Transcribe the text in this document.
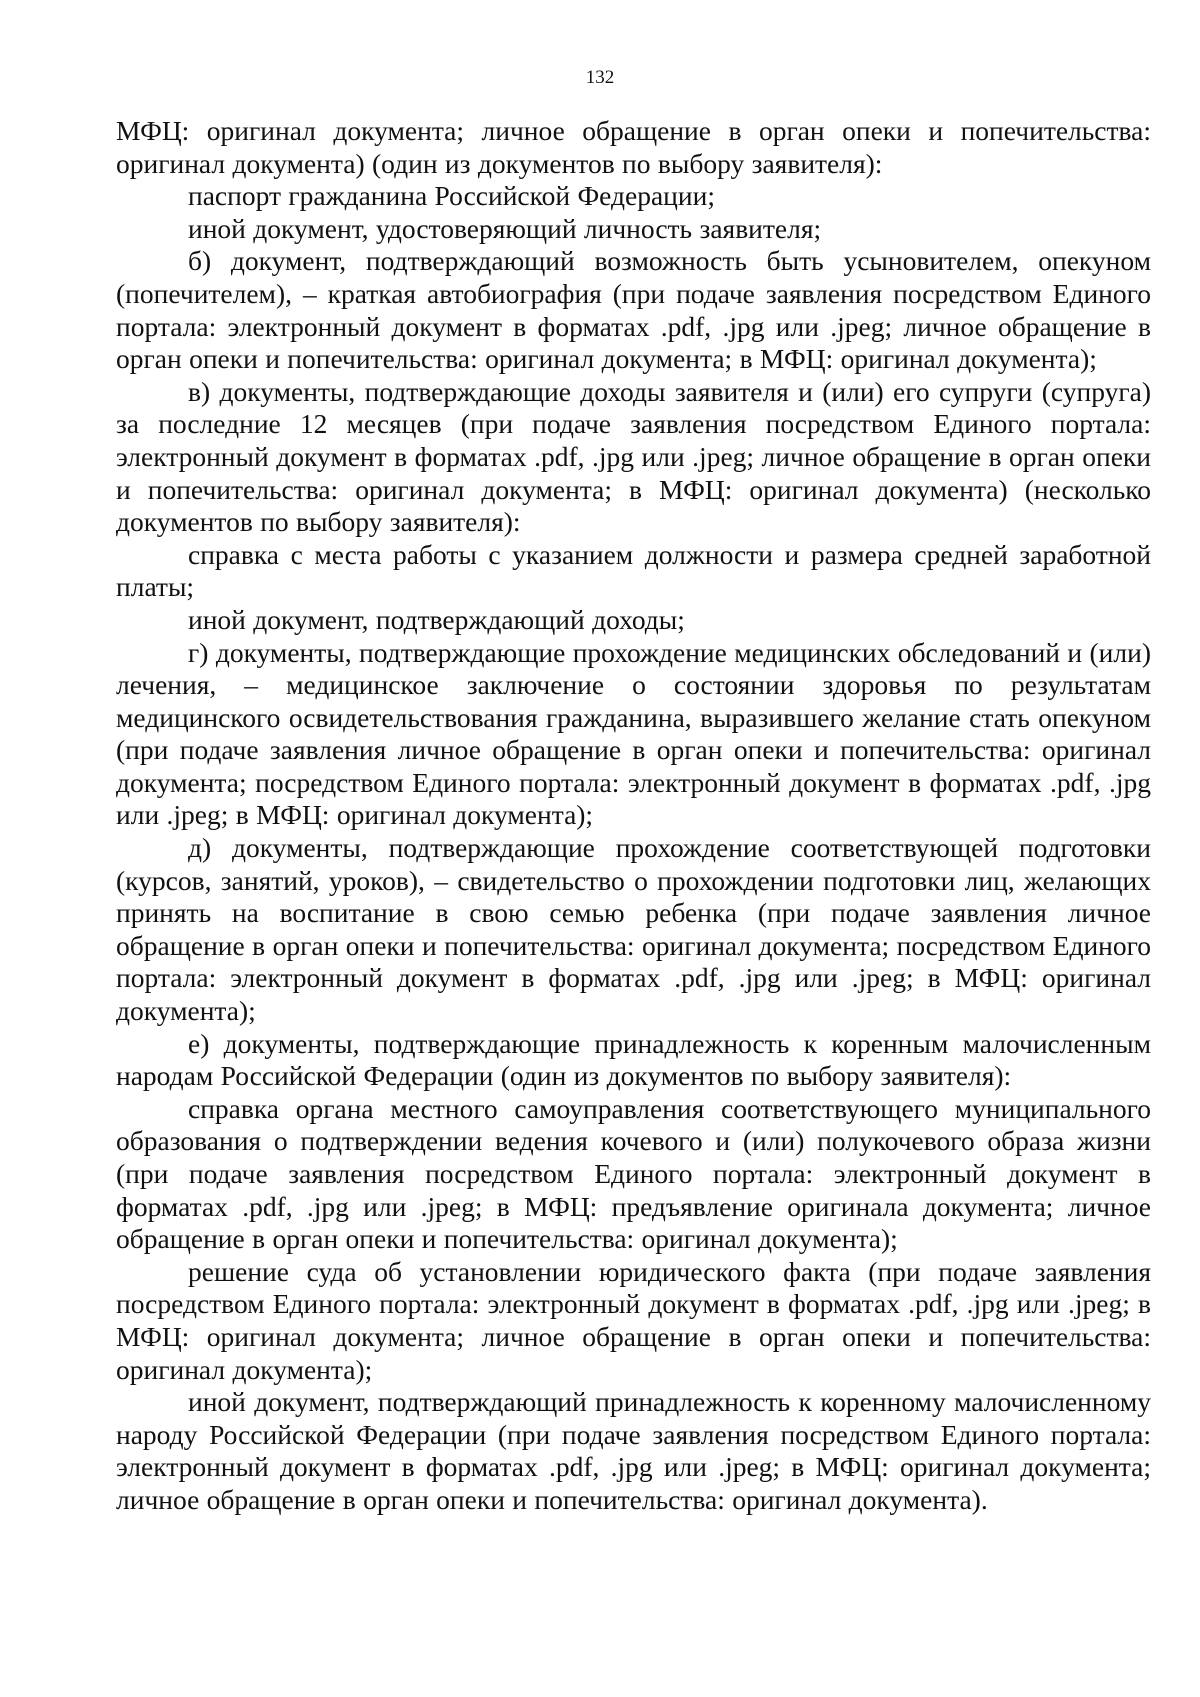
132

МФЦ: оригинал документа; личное обращение в орган опеки и попечительства: оригинал документа) (один из документов по выбору заявителя):

паспорт гражданина Российской Федерации;

иной документ, удостоверяющий личность заявителя;

б) документ, подтверждающий возможность быть усыновителем, опекуном (попечителем), – краткая автобиография (при подаче заявления посредством Единого портала: электронный документ в форматах .pdf, .jpg или .jpeg; личное обращение в орган опеки и попечительства: оригинал документа; в МФЦ: оригинал документа);

в) документы, подтверждающие доходы заявителя и (или) его супруги (супруга) за последние 12 месяцев (при подаче заявления посредством Единого портала: электронный документ в форматах .pdf, .jpg или .jpeg; личное обращение в орган опеки и попечительства: оригинал документа; в МФЦ: оригинал документа) (несколько документов по выбору заявителя):

справка с места работы с указанием должности и размера средней заработной платы;

иной документ, подтверждающий доходы;

г) документы, подтверждающие прохождение медицинских обследований и (или) лечения, – медицинское заключение о состоянии здоровья по результатам медицинского освидетельствования гражданина, выразившего желание стать опекуном (при подаче заявления личное обращение в орган опеки и попечительства: оригинал документа; посредством Единого портала: электронный документ в форматах .pdf, .jpg или .jpeg; в МФЦ: оригинал документа);

д) документы, подтверждающие прохождение соответствующей подготовки (курсов, занятий, уроков), – свидетельство о прохождении подготовки лиц, желающих принять на воспитание в свою семью ребенка (при подаче заявления личное обращение в орган опеки и попечительства: оригинал документа; посредством Единого портала: электронный документ в форматах .pdf, .jpg или .jpeg; в МФЦ: оригинал документа);

е) документы, подтверждающие принадлежность к коренным малочисленным народам Российской Федерации (один из документов по выбору заявителя):

справка органа местного самоуправления соответствующего муниципального образования о подтверждении ведения кочевого и (или) полукочевого образа жизни (при подаче заявления посредством Единого портала: электронный документ в форматах .pdf, .jpg или .jpeg; в МФЦ: предъявление оригинала документа; личное обращение в орган опеки и попечительства: оригинал документа);

решение суда об установлении юридического факта (при подаче заявления посредством Единого портала: электронный документ в форматах .pdf, .jpg или .jpeg; в МФЦ: оригинал документа; личное обращение в орган опеки и попечительства: оригинал документа);

иной документ, подтверждающий принадлежность к коренному малочисленному народу Российской Федерации (при подаче заявления посредством Единого портала: электронный документ в форматах .pdf, .jpg или .jpeg; в МФЦ: оригинал документа; личное обращение в орган опеки и попечительства: оригинал документа).
